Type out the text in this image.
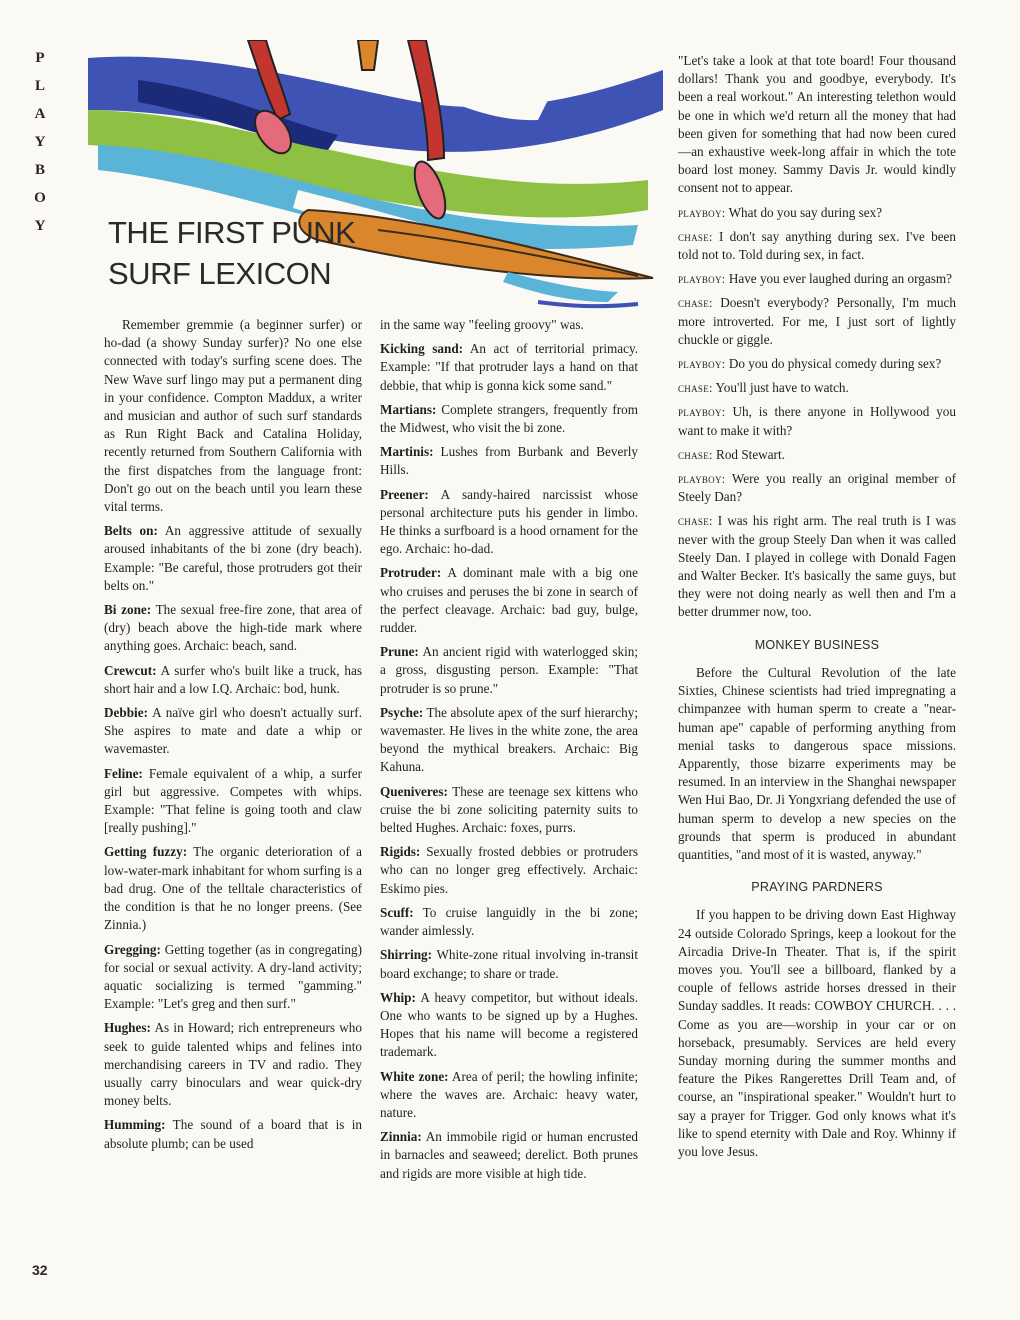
P
L
A
Y
B
O
Y THE FIRST PUNK
SURF LEXICON

Remember gremmie (a beginner surfer) or ho-dad (a showy Sunday surfer)? No one else connected with today's surfing scene does. The New Wave surf lingo may put a permanent ding in your confidence. Compton Maddux, a writer and musician and author of such surf standards as Run Right Back and Catalina Holiday, recently returned from Southern California with the first dispatches from the language front: Don't go out on the beach until you learn these vital terms.

Belts on: An aggressive attitude of sexually aroused inhabitants of the bi zone (dry beach). Example: "Be careful, those protruders got their belts on."

Bi zone: The sexual free-fire zone, that area of (dry) beach above the high-tide mark where anything goes. Archaic: beach, sand.

Crewcut: A surfer who's built like a truck, has short hair and a low I.Q. Archaic: bod, hunk.

Debbie: A naïve girl who doesn't actually surf. She aspires to mate and date a whip or wavemaster.

Feline: Female equivalent of a whip, a surfer girl but aggressive. Competes with whips. Example: "That feline is going tooth and claw [really pushing]."

Getting fuzzy: The organic deterioration of a low-water-mark inhabitant for whom surfing is a bad drug. One of the telltale characteristics of the condition is that he no longer preens. (See Zinnia.)

Gregging: Getting together (as in congregating) for social or sexual activity. A dry-land activity; aquatic socializing is termed "gamming." Example: "Let's greg and then surf."

Hughes: As in Howard; rich entrepreneurs who seek to guide talented whips and felines into merchandising careers in TV and radio. They usually carry binoculars and wear quick-dry money belts.

Humming: The sound of a board that is in absolute plumb; can be used

in the same way "feeling groovy" was.

Kicking sand: An act of territorial primacy. Example: "If that protruder lays a hand on that debbie, that whip is gonna kick some sand."

Martians: Complete strangers, frequently from the Midwest, who visit the bi zone.

Martinis: Lushes from Burbank and Beverly Hills.

Preener: A sandy-haired narcissist whose personal architecture puts his gender in limbo. He thinks a surfboard is a hood ornament for the ego. Archaic: ho-dad.

Protruder: A dominant male with a big one who cruises and peruses the bi zone in search of the perfect cleavage. Archaic: bad guy, bulge, rudder.

Prune: An ancient rigid with waterlogged skin; a gross, disgusting person. Example: "That protruder is so prune."

Psyche: The absolute apex of the surf hierarchy; wavemaster. He lives in the white zone, the area beyond the mythical breakers. Archaic: Big Kahuna.

Queniveres: These are teenage sex kittens who cruise the bi zone soliciting paternity suits to belted Hughes. Archaic: foxes, purrs.

Rigids: Sexually frosted debbies or protruders who can no longer greg effectively. Archaic: Eskimo pies.

Scuff: To cruise languidly in the bi zone; wander aimlessly.

Shirring: White-zone ritual involving in-transit board exchange; to share or trade.

Whip: A heavy competitor, but without ideals. One who wants to be signed up by a Hughes. Hopes that his name will become a registered trademark.

White zone: Area of peril; the howling infinite; where the waves are. Archaic: heavy water, nature.

Zinnia: An immobile rigid or human encrusted in barnacles and seaweed; derelict. Both prunes and rigids are more visible at high tide.

"Let's take a look at that tote board! Four thousand dollars! Thank you and goodbye, everybody. It's been a real workout." An interesting telethon would be one in which we'd return all the money that had been given for something that had now been cured—an exhaustive week-long affair in which the tote board lost money. Sammy Davis Jr. would kindly consent not to appear.

playboy: What do you say during sex?

chase: I don't say anything during sex. I've been told not to. Told during sex, in fact.

playboy: Have you ever laughed during an orgasm?

chase: Doesn't everybody? Personally, I'm much more introverted. For me, I just sort of lightly chuckle or giggle.

playboy: Do you do physical comedy during sex?

chase: You'll just have to watch.

playboy: Uh, is there anyone in Hollywood you want to make it with?

chase: Rod Stewart.

playboy: Were you really an original member of Steely Dan?

chase: I was his right arm. The real truth is I was never with the group Steely Dan when it was called Steely Dan. I played in college with Donald Fagen and Walter Becker. It's basically the same guys, but they were not doing nearly as well then and I'm a better drummer now, too.

MONKEY BUSINESS

Before the Cultural Revolution of the late Sixties, Chinese scientists had tried impregnating a chimpanzee with human sperm to create a "near-human ape" capable of performing anything from menial tasks to dangerous space missions. Apparently, those bizarre experiments may be resumed. In an interview in the Shanghai newspaper Wen Hui Bao, Dr. Ji Yongxriang defended the use of human sperm to develop a new species on the grounds that sperm is produced in abundant quantities, "and most of it is wasted, anyway."

PRAYING PARDNERS

If you happen to be driving down East Highway 24 outside Colorado Springs, keep a lookout for the Aircadia Drive-In Theater. That is, if the spirit moves you. You'll see a billboard, flanked by a couple of fellows astride horses dressed in their Sunday saddles. It reads: COWBOY CHURCH. . . . Come as you are—worship in your car or on horseback, presumably. Services are held every Sunday morning during the summer months and feature the Pikes Rangerettes Drill Team and, of course, an "inspirational speaker." Wouldn't hurt to say a prayer for Trigger. God only knows what it's like to spend eternity with Dale and Roy. Whinny if you love Jesus.

32
